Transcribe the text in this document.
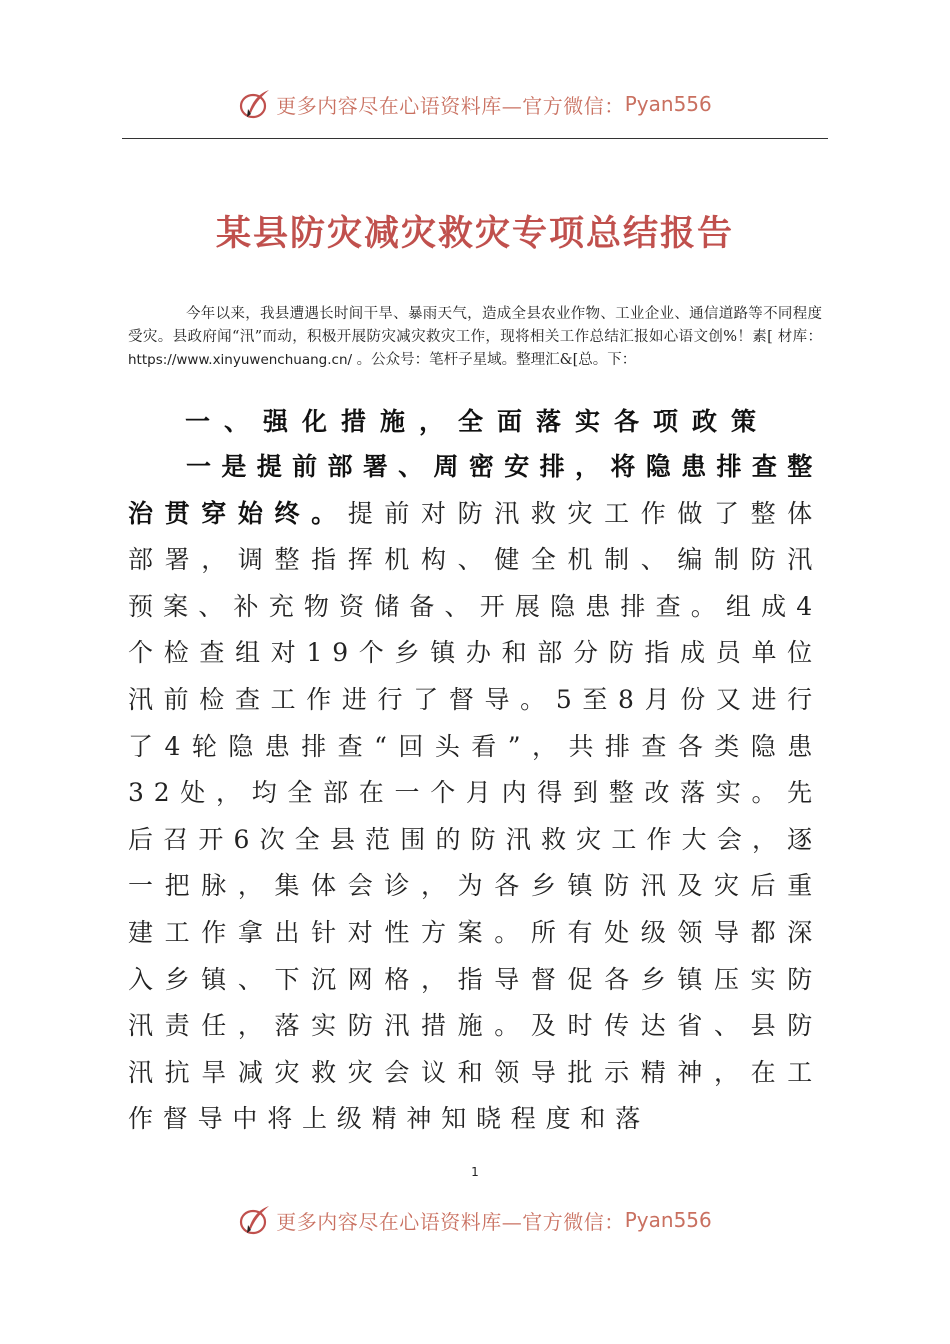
更多内容尽在心语资料库—官方微信： Pyan556
某县防灾减灾救灾专项总结报告
今年以来，我县遭遇长时间干旱、暴雨天气，造成全县农业作物、工业企业、通信道路等不同程度受灾。县政府闻“汛”而动，积极开展防灾减灾救灾工作，现将相关工作总结汇报如心语文创%！素[ 材库：https://www.xinyuwenchuang.cn/ 。公众号：笔杆子星域。整理汇&[总。下：
一、强化措施，全面落实各项政策
一是提前部署、周密安排，将隐患排查整治贯穿始终。提前对防汛救灾工作做了整体部署，调整指挥机构、健全机制、编制防汛预案、补充物资储备、开展隐患排查。组成4个检查组对19个乡镇办和部分防指成员单位汛前检查工作进行了督导。5至8月份又进行了4轮隐患排查“回头看”，共排查各类隐患32处，均全部在一个月内得到整改落实。先后召开6次全县范围的防汛救灾工作大会，逐一把脉，集体会诊，为各乡镇防汛及灾后重建工作拿出针对性方案。所有处级领导都深入乡镇、下沉网格，指导督促各乡镇压实防汛责任，落实防汛措施。及时传达省、县防汛抗旱减灾救灾会议和领导批示精神，在工作督导中将上级精神知晓程度和落
1
更多内容尽在心语资料库—官方微信： Pyan556
